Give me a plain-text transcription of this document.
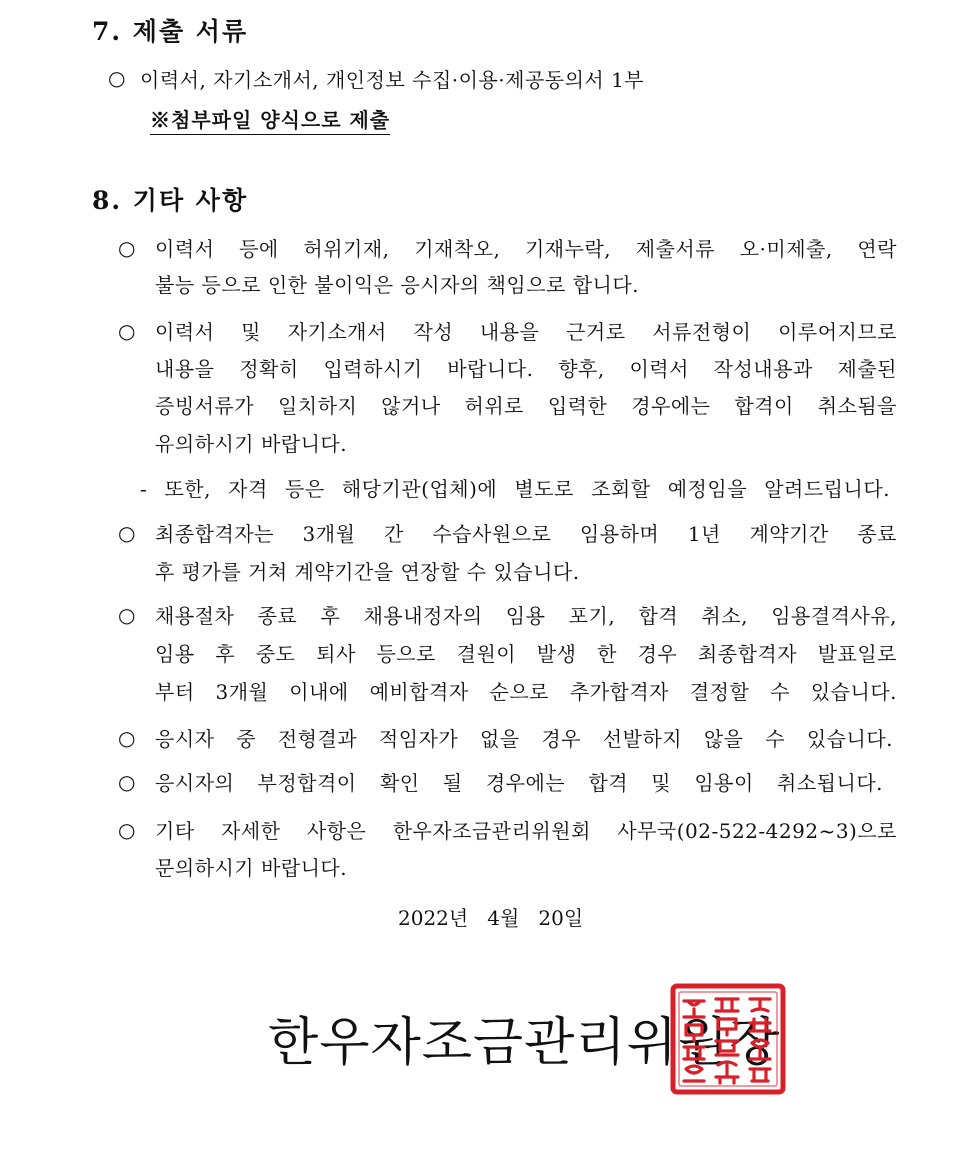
7. 제출 서류
○ 이력서, 자기소개서, 개인정보 수집·이용·제공동의서 1부
※첨부파일 양식으로 제출
8. 기타 사항
○ 이력서 등에 허위기재, 기재착오, 기재누락, 제출서류 오·미제출, 연락
불능 등으로 인한 불이익은 응시자의 책임으로 합니다.
○ 이력서 및 자기소개서 작성 내용을 근거로 서류전형이 이루어지므로
내용을 정확히 입력하시기 바랍니다. 향후, 이력서 작성내용과 제출된
증빙서류가 일치하지 않거나 허위로 입력한 경우에는 합격이 취소됨을
유의하시기 바랍니다.
- 또한, 자격 등은 해당기관(업체)에 별도로 조회할 예정임을 알려드립니다.
○ 최종합격자는 3개월 간 수습사원으로 임용하며 1년 계약기간 종료
후 평가를 거쳐 계약기간을 연장할 수 있습니다.
○ 채용절차 종료 후 채용내정자의 임용 포기, 합격 취소, 임용결격사유,
임용 후 중도 퇴사 등으로 결원이 발생 한 경우 최종합격자 발표일로
부터 3개월 이내에 예비합격자 순으로 추가합격자 결정할 수 있습니다.
○ 응시자 중 전형결과 적임자가 없을 경우 선발하지 않을 수 있습니다.
○ 응시자의 부정합격이 확인 될 경우에는 합격 및 임용이 취소됩니다.
○ 기타 자세한 사항은 한우자조금관리위원회 사무국(02-522-4292~3)으로
문의하시기 바랍니다.
2022년   4월   20일
한우자조금관리위원장
